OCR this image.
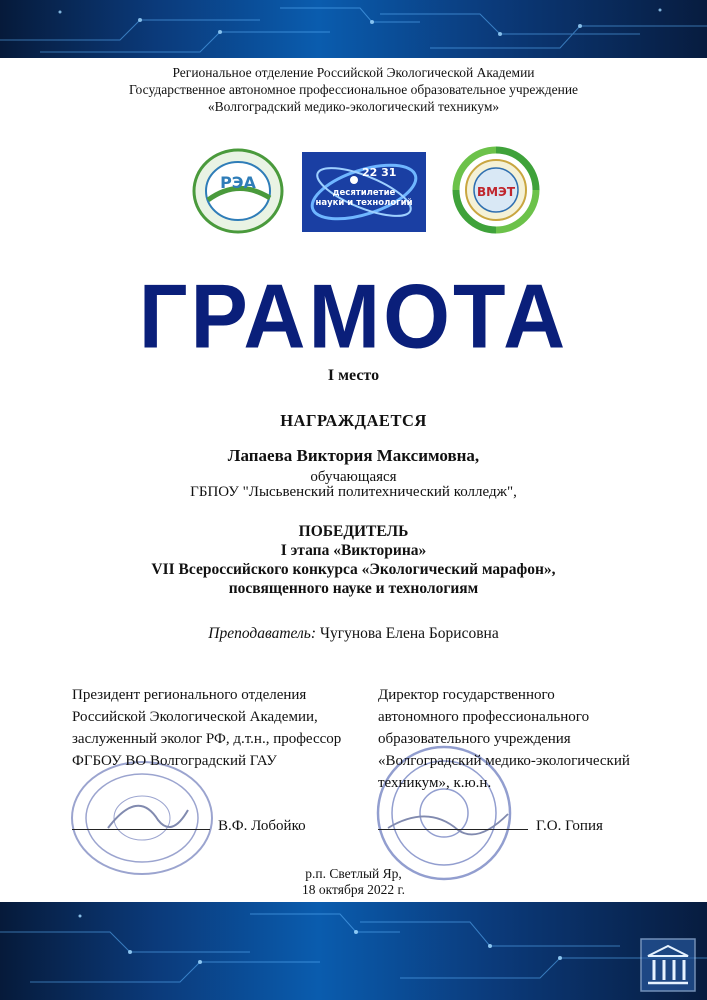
Региональное отделение Российской Экологической Академии
Государственное автономное профессиональное образовательное учреждение
«Волгоградский медико-экологический техникум»
РЭА
22 31
десятилетие
науки и технологий
ВМЭТ
ГРАМОТА
I место
НАГРАЖДАЕТСЯ
Лапаева Виктория Максимовна,
обучающаяся
ГБПОУ "Лысьвенский политехнический колледж",
ПОБЕДИТЕЛЬ
I этапа «Викторина»
VII Всероссийского конкурса «Экологический марафон»,
посвященного науке и технологиям
Преподаватель: Чугунова Елена Борисовна
Президент регионального отделения Российской Экологической Академии, заслуженный эколог РФ, д.т.н., профессор ФГБОУ ВО Волгоградский ГАУ
Директор государственного автономного профессионального образовательного учреждения «Волгоградский медико-экологический техникум», к.ю.н.
В.Ф. Лобойко	Г.О. Гопия
р.п. Светлый Яр,
18 октября 2022 г.
